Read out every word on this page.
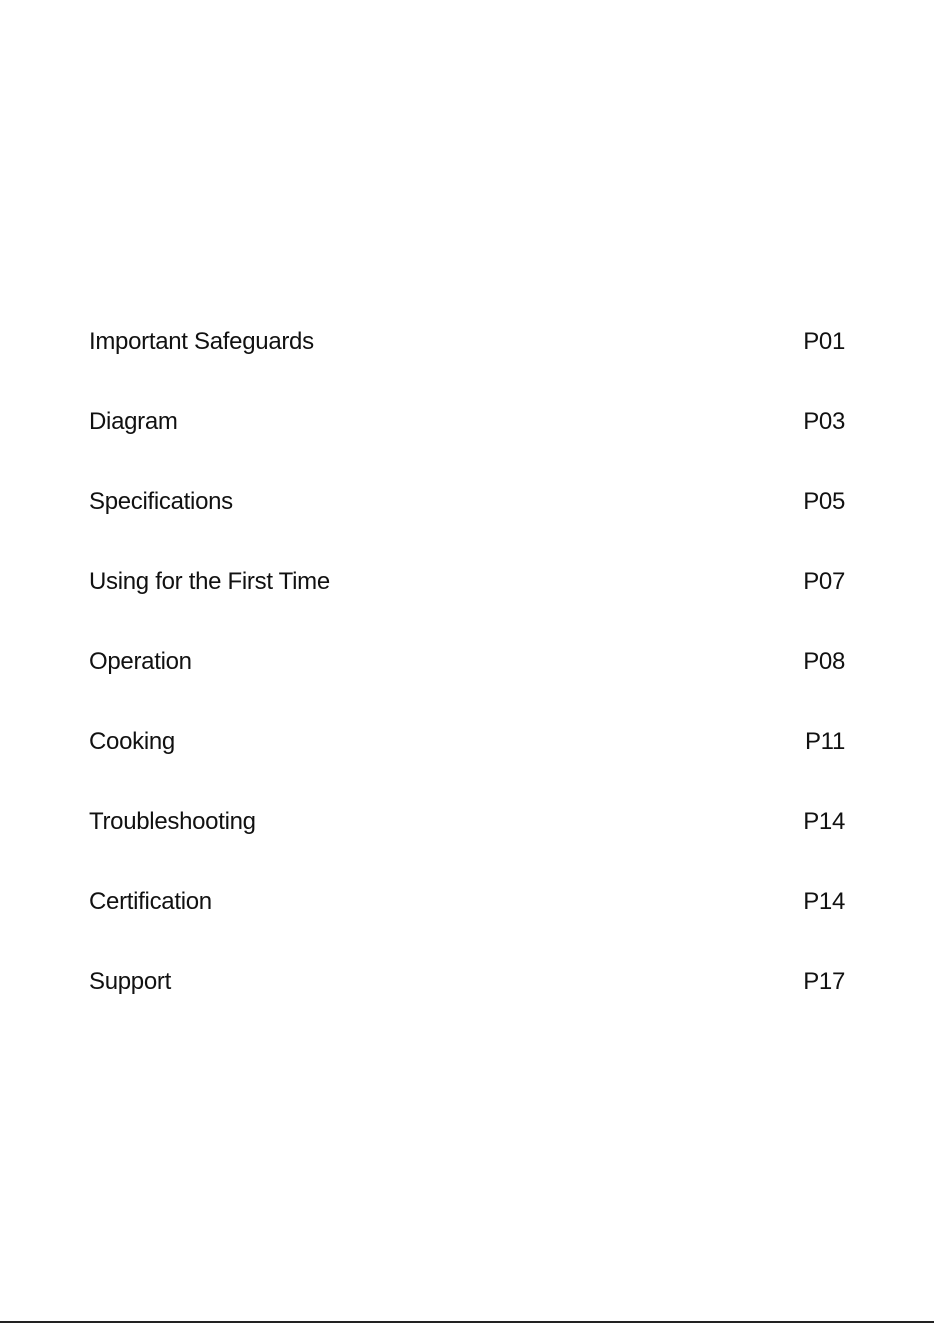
Important Safeguards	P01
Diagram	P03
Specifications	P05
Using for the First Time	P07
Operation	P08
Cooking	P11
Troubleshooting	P14
Certification	P14
Support	P17
